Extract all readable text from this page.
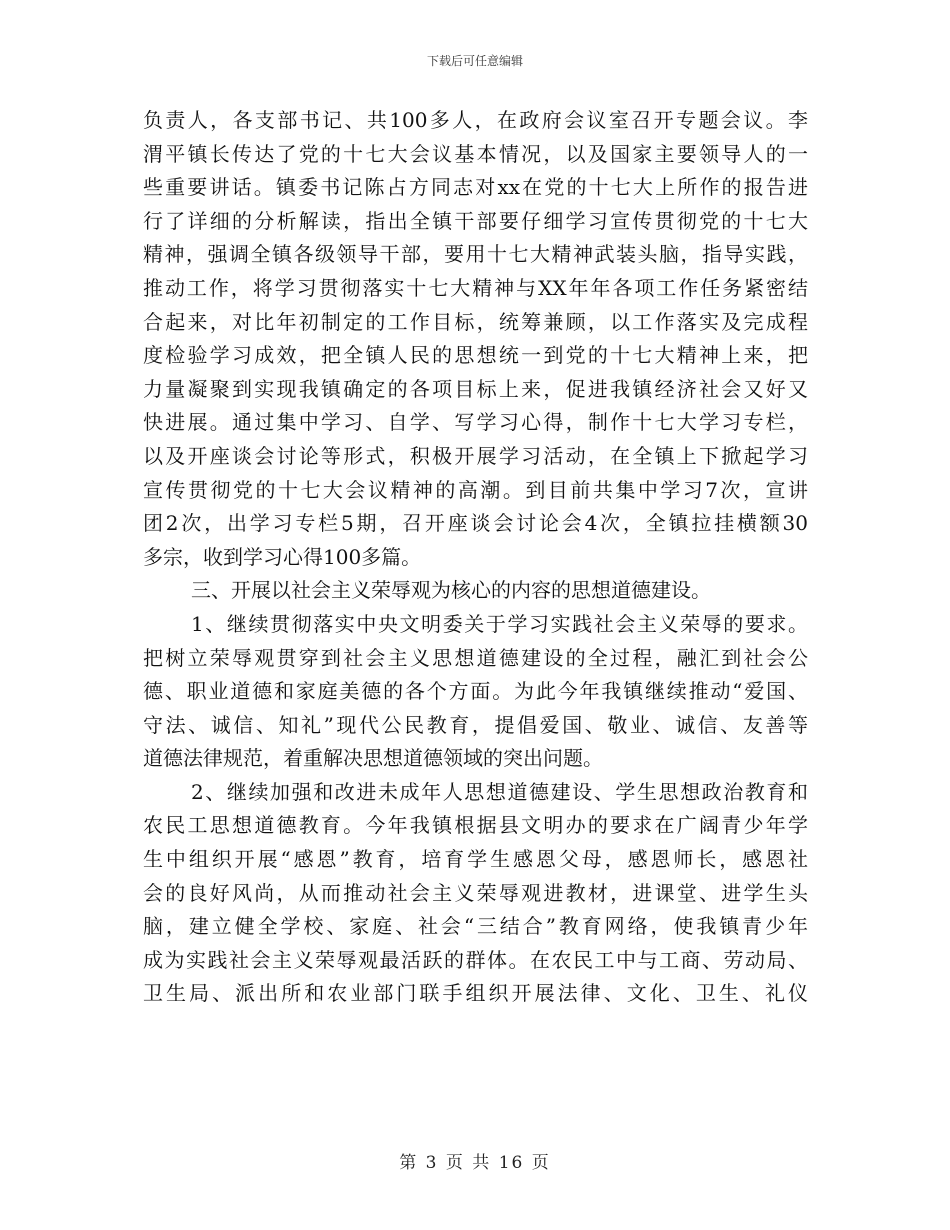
下载后可任意编辑
负责人，各支部书记、共100多人，在政府会议室召开专题会议。李
渭平镇长传达了党的十七大会议基本情况，以及国家主要领导人的一
些重要讲话。镇委书记陈占方同志对xx在党的十七大上所作的报告进
行了详细的分析解读，指出全镇干部要仔细学习宣传贯彻党的十七大
精神，强调全镇各级领导干部，要用十七大精神武装头脑，指导实践，
推动工作，将学习贯彻落实十七大精神与XX年年各项工作任务紧密结
合起来，对比年初制定的工作目标，统筹兼顾，以工作落实及完成程
度检验学习成效，把全镇人民的思想统一到党的十七大精神上来，把
力量凝聚到实现我镇确定的各项目标上来，促进我镇经济社会又好又
快进展。通过集中学习、自学、写学习心得，制作十七大学习专栏，
以及开座谈会讨论等形式，积极开展学习活动，在全镇上下掀起学习
宣传贯彻党的十七大会议精神的高潮。到目前共集中学习7次，宣讲
团2次，出学习专栏5期，召开座谈会讨论会4次，全镇拉挂横额30
多宗，收到学习心得100多篇。
三、开展以社会主义荣辱观为核心的内容的思想道德建设。
1、继续贯彻落实中央文明委关于学习实践社会主义荣辱的要求。
把树立荣辱观贯穿到社会主义思想道德建设的全过程，融汇到社会公
德、职业道德和家庭美德的各个方面。为此今年我镇继续推动“爱国、
守法、诚信、知礼”现代公民教育，提倡爱国、敬业、诚信、友善等
道德法律规范，着重解决思想道德领域的突出问题。
2、继续加强和改进未成年人思想道德建设、学生思想政治教育和
农民工思想道德教育。今年我镇根据县文明办的要求在广阔青少年学
生中组织开展“感恩”教育，培育学生感恩父母，感恩师长，感恩社
会的良好风尚，从而推动社会主义荣辱观进教材，进课堂、进学生头
脑，建立健全学校、家庭、社会“三结合”教育网络，使我镇青少年
成为实践社会主义荣辱观最活跃的群体。在农民工中与工商、劳动局、
卫生局、派出所和农业部门联手组织开展法律、文化、卫生、礼仪
第 3 页 共 16 页
